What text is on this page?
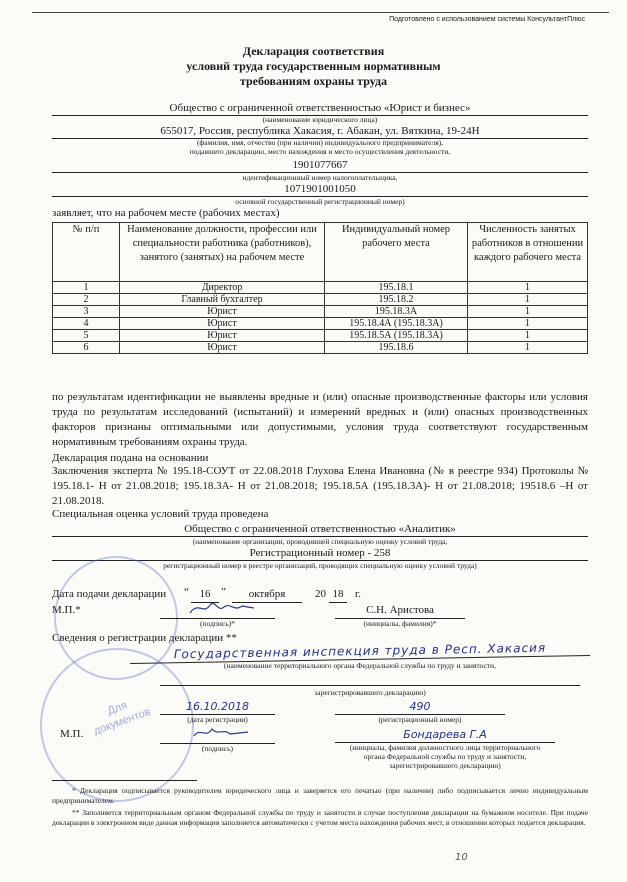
Подготовлено с использованием системы КонсультантПлюс
Декларация соответствия
условий труда государственным нормативным
требованиям охраны труда
Общество с ограниченной ответственностью «Юрист и бизнес»
(наименование юридического лица)
655017, Россия, республика Хакасия, г. Абакан, ул. Вяткина, 19-24Н
(фамилия, имя, отчество (при наличии) индивидуального предпринимателя),
подавшего декларацию, место нахождения и место осуществления деятельности,
1901077667
идентификационный номер налогоплательщика,
1071901001050
основной государственный регистрационный номер)
заявляет, что на рабочем месте (рабочих местах)
№ п/п	Наименование должности, профессии или специальности работника (работников), занятого (занятых) на рабочем месте	Индивидуальный номер рабочего места	Численность занятых работников в отношении каждого рабочего места
1	Директор	195.18.1	1
2	Главный бухгалтер	195.18.2	1
3	Юрист	195.18.3А	1
4	Юрист	195.18.4А (195.18.3А)	1
5	Юрист	195.18.5А (195.18.3А)	1
6	Юрист	195.18.6	1
по результатам идентификации не выявлены вредные и (или) опасные производственные факторы или условия труда по результатам исследований (испытаний) и измерений вредных и (или) опасных производственных факторов признаны оптимальными или допустимыми, условия труда соответствуют государственным нормативным требованиям охраны труда.
Декларация подана на основании
Заключения эксперта № 195.18-СОУТ от 22.08.2018 Глухова Елена Ивановна (№ в реестре 934) Протоколы № 195.18.1- Н от 21.08.2018; 195.18.3А- Н от 21.08.2018; 195.18.5А (195.18.3А)- Н от 21.08.2018; 19518.6 –Н от 21.08.2018.
Специальная оценка условий труда проведена
Общество с ограниченной ответственностью «Аналитик»
(наименование организации, проводившей специальную оценку условий труда,
Регистрационный номер - 258
регистрационный номер в реестре организаций, проводящих специальную оценку условий труда)
Для документов
Дата подачи декларации “ 16 ”	октября	20 18	г.
М.П.*
(подпись)*
С.Н. Аристова
(инициалы, фамилия)*
Сведения о регистрации декларации **
Государственная инспекция труда в Респ. Хакасия
(наименование территориального органа Федеральной службы по труду и занятости,
зарегистрировавшего декларацию)
16.10.2018
(дата регистрации)
490
(регистрационный номер)
М.П.
(подпись)
Бондарева Г.А
(инициалы, фамилия должностного лица территориального
органа Федеральной службы по труду и занятости,
зарегистрировавшего декларацию)
* Декларация подписывается руководителем юридического лица и заверяется его печатью (при наличии) либо подписывается лично индивидуальным предпринимателем.
** Заполняется территориальным органом Федеральной службы по труду и занятости в случае поступления декларации на бумажном носителе. При подаче декларации в электронном виде данная информация заполняется автоматически с учетом места нахождения рабочих мест, в отношении которых подается декларация.
10
